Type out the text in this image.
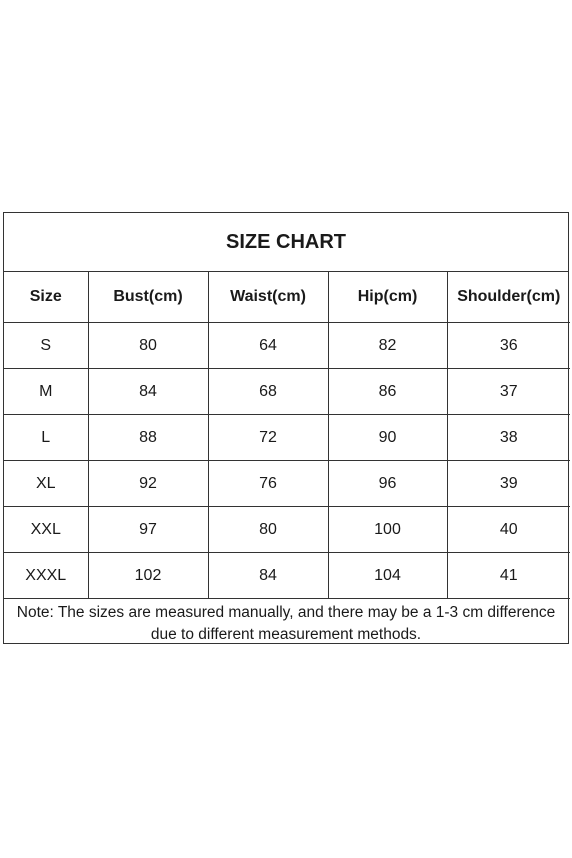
SIZE CHART
Size	Bust(cm)	Waist(cm)	Hip(cm)	Shoulder(cm)
S	80	64	82	36
M	84	68	86	37
L	88	72	90	38
XL	92	76	96	39
XXL	97	80	100	40
XXXL	102	84	104	41
Note: The sizes are measured manually, and there may be a 1-3 cm difference due to different measurement methods.
